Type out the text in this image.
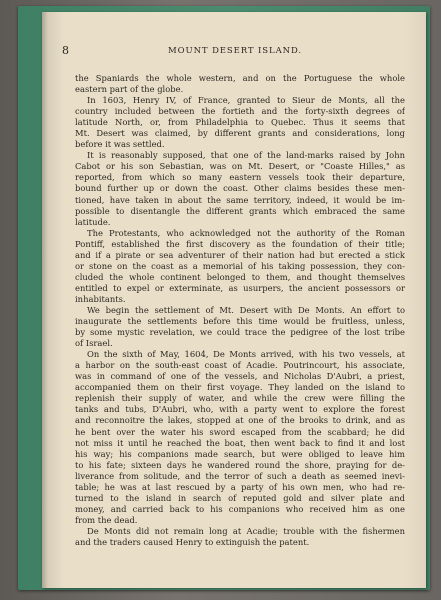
8	MOUNT DESERT ISLAND.
the Spaniards the whole western, and on the Portuguese the whole
eastern part of the globe.
In 1603, Henry IV, of France, granted to Sieur de Monts, all the
country included between the fortieth and the forty-sixth degrees of
latitude North, or, from Philadelphia to Quebec. Thus it seems that
Mt. Desert was claimed, by different grants and considerations, long
before it was settled.
It is reasonably supposed, that one of the land-marks raised by John
Cabot or his son Sebastian, was on Mt. Desert, or "Coaste Hilles," as
reported, from which so many eastern vessels took their departure,
bound further up or down the coast. Other claims besides these men-
tioned, have taken in about the same territory, indeed, it would be im-
possible to disentangle the different grants which embraced the same
latitude.
The Protestants, who acknowledged not the authority of the Roman
Pontiff, established the first discovery as the foundation of their title;
and if a pirate or sea adventurer of their nation had but erected a stick
or stone on the coast as a memorial of his taking possession, they con-
cluded the whole continent belonged to them, and thought themselves
entitled to expel or exterminate, as usurpers, the ancient possessors or
inhabitants.
We begin the settlement of Mt. Desert with De Monts. An effort to
inaugurate the settlements before this time would be fruitless, unless,
by some mystic revelation, we could trace the pedigree of the lost tribe
of Israel.
On the sixth of May, 1604, De Monts arrived, with his two vessels, at
a harbor on the south-east coast of Acadie. Poutrincourt, his associate,
was in command of one of the vessels, and Nicholas D'Aubri, a priest,
accompanied them on their first voyage. They landed on the island to
replenish their supply of water, and while the crew were filling the
tanks and tubs, D'Aubri, who, with a party went to explore the forest
and reconnoitre the lakes, stopped at one of the brooks to drink, and as
he bent over the water his sword escaped from the scabbard; he did
not miss it until he reached the boat, then went back to find it and lost
his way; his companions made search, but were obliged to leave him
to his fate; sixteen days he wandered round the shore, praying for de-
liverance from solitude, and the terror of such a death as seemed inevi-
table; he was at last rescued by a party of his own men, who had re-
turned to the island in search of reputed gold and silver plate and
money, and carried back to his companions who received him as one
from the dead.
De Monts did not remain long at Acadie; trouble with the fishermen
and the traders caused Henry to extinguish the patent.
